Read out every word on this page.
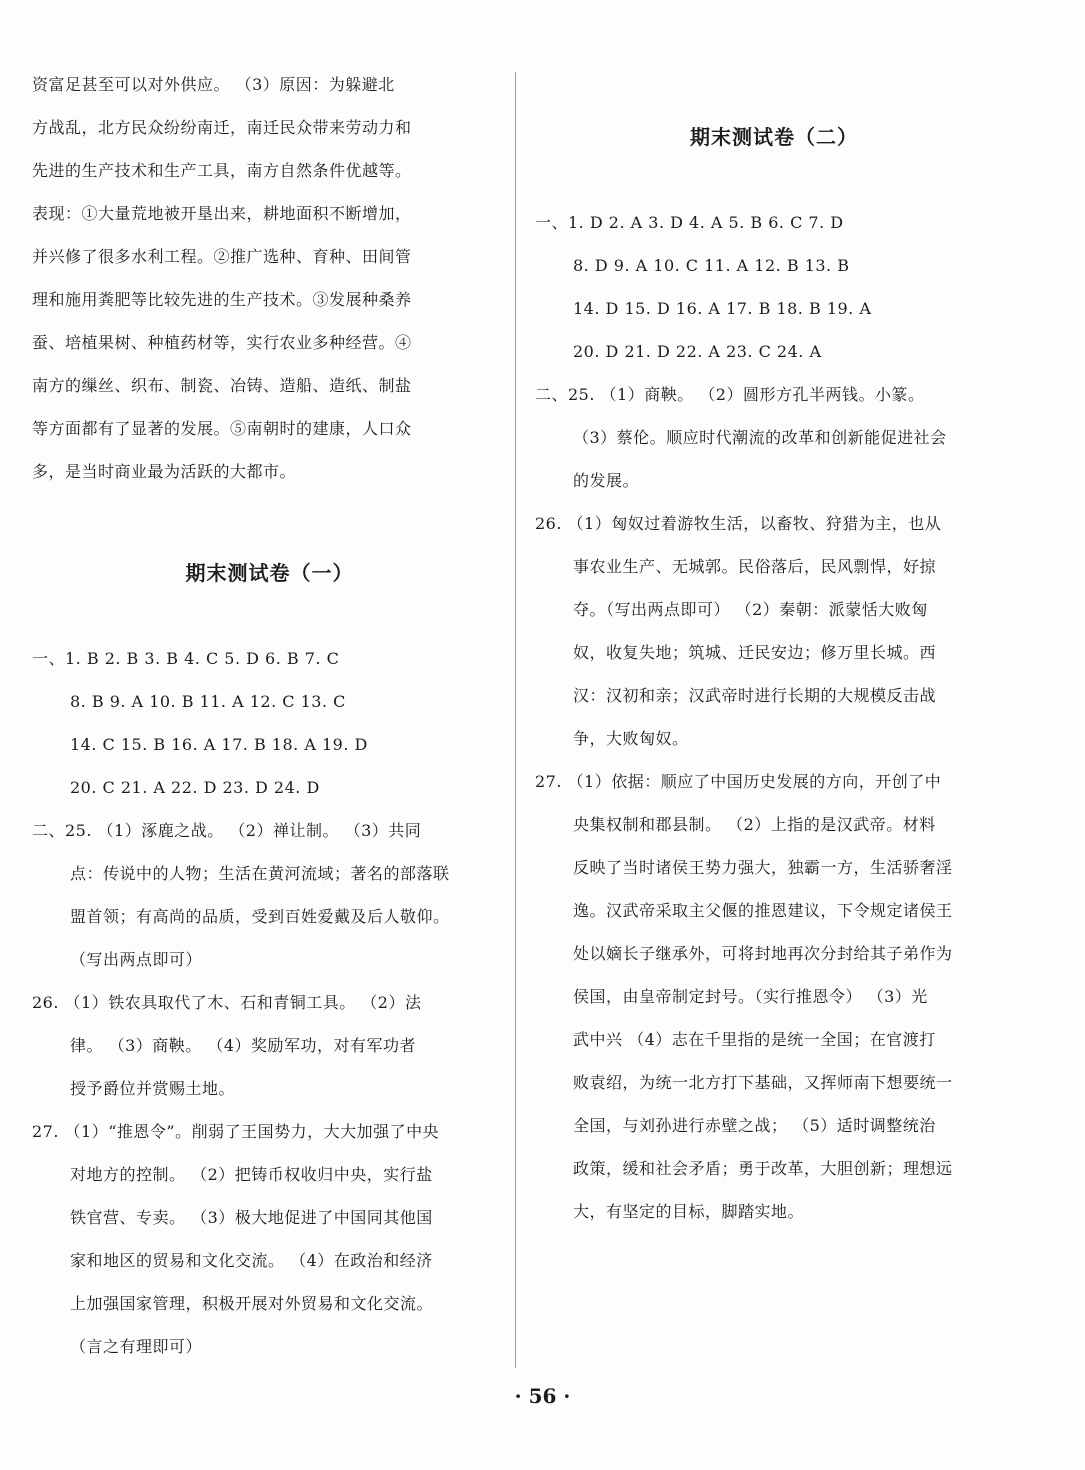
资富足甚至可以对外供应。 （3）原因：为躲避北
方战乱，北方民众纷纷南迁，南迁民众带来劳动力和
先进的生产技术和生产工具，南方自然条件优越等。
表现：①大量荒地被开垦出来，耕地面积不断增加，
并兴修了很多水利工程。②推广选种、育种、田间管
理和施用粪肥等比较先进的生产技术。③发展种桑养
蚕、培植果树、种植药材等，实行农业多种经营。④
南方的缫丝、织布、制瓷、冶铸、造船、造纸、制盐
等方面都有了显著的发展。⑤南朝时的建康，人口众
多，是当时商业最为活跃的大都市。
期末测试卷（一）
一、1. B 2. B 3. B 4. C 5. D 6. B 7. C
8. B 9. A 10. B 11. A 12. C 13. C
14. C 15. B 16. A 17. B 18. A 19. D
20. C 21. A 22. D 23. D 24. D
二、25. （1）涿鹿之战。 （2）禅让制。 （3）共同
点：传说中的人物；生活在黄河流域；著名的部落联
盟首领；有高尚的品质，受到百姓爱戴及后人敬仰。
（写出两点即可）
26. （1）铁农具取代了木、石和青铜工具。 （2）法
律。 （3）商鞅。 （4）奖励军功，对有军功者
授予爵位并赏赐土地。
27. （1）“推恩令”。削弱了王国势力，大大加强了中央
对地方的控制。 （2）把铸币权收归中央，实行盐
铁官营、专卖。 （3）极大地促进了中国同其他国
家和地区的贸易和文化交流。 （4）在政治和经济
上加强国家管理，积极开展对外贸易和文化交流。
（言之有理即可）
期末测试卷（二）
一、1. D 2. A 3. D 4. A 5. B 6. C 7. D
8. D 9. A 10. C 11. A 12. B 13. B
14. D 15. D 16. A 17. B 18. B 19. A
20. D 21. D 22. A 23. C 24. A
二、25. （1）商鞅。 （2）圆形方孔半两钱。小篆。
（3）蔡伦。顺应时代潮流的改革和创新能促进社会
的发展。
26. （1）匈奴过着游牧生活，以畜牧、狩猎为主，也从
事农业生产、无城郭。民俗落后，民风剽悍，好掠
夺。（写出两点即可） （2）秦朝：派蒙恬大败匈
奴，收复失地；筑城、迁民安边；修万里长城。西
汉：汉初和亲；汉武帝时进行长期的大规模反击战
争，大败匈奴。
27. （1）依据：顺应了中国历史发展的方向，开创了中
央集权制和郡县制。 （2）上指的是汉武帝。材料
反映了当时诸侯王势力强大，独霸一方，生活骄奢淫
逸。汉武帝采取主父偃的推恩建议，下令规定诸侯王
处以嫡长子继承外，可将封地再次分封给其子弟作为
侯国，由皇帝制定封号。（实行推恩令） （3）光
武中兴 （4）志在千里指的是统一全国；在官渡打
败袁绍，为统一北方打下基础，又挥师南下想要统一
全国，与刘孙进行赤壁之战； （5）适时调整统治
政策，缓和社会矛盾；勇于改革，大胆创新；理想远
大，有坚定的目标，脚踏实地。
· 56 ·
